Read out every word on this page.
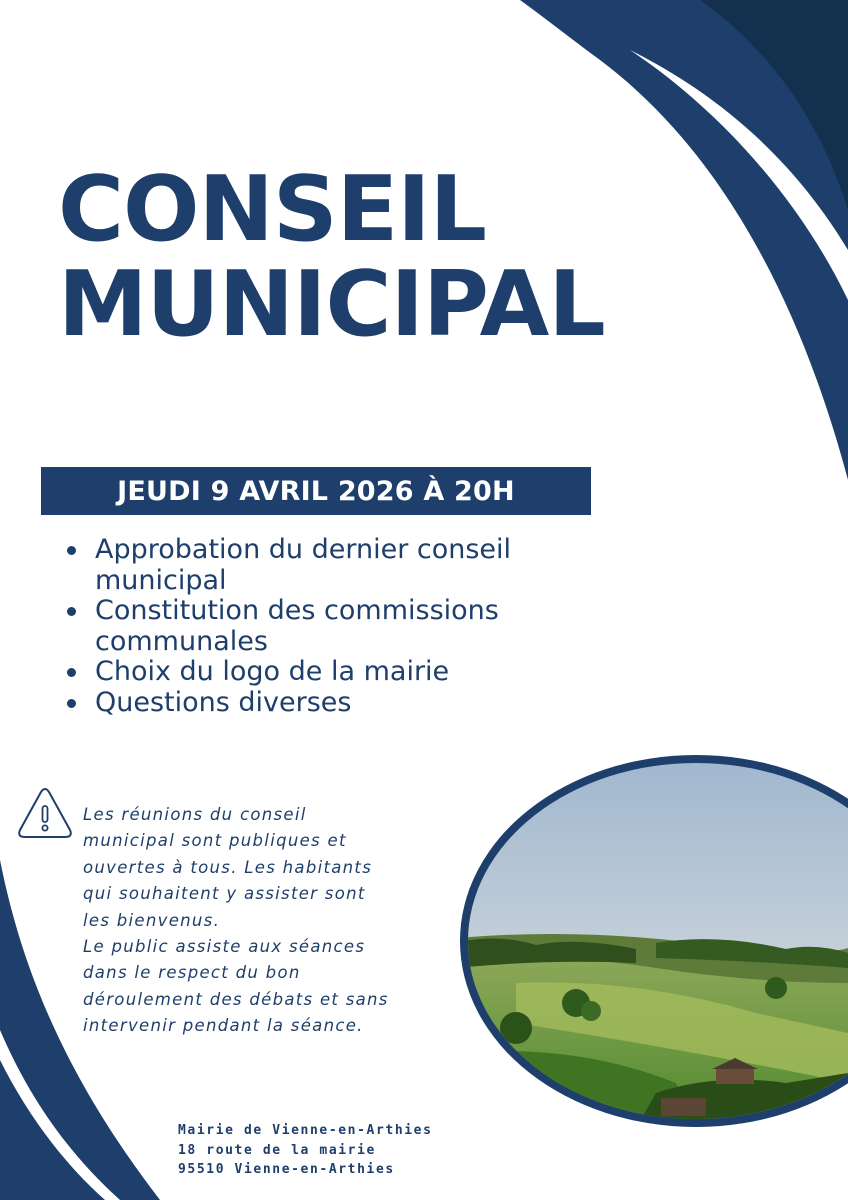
CONSEIL
MUNICIPAL
JEUDI 9 AVRIL 2026 À 20H
Approbation du dernier conseil municipal
Constitution des commissions communales
Choix du logo de la mairie
Questions diverses

Les réunions du conseil
municipal sont publiques et
ouvertes à tous. Les habitants
qui souhaitent y assister sont
les bienvenus.
Le public assiste aux séances
dans le respect du bon
déroulement des débats et sans
intervenir pendant la séance.

Mairie de Vienne-en-Arthies
18 route de la mairie
95510 Vienne-en-Arthies
